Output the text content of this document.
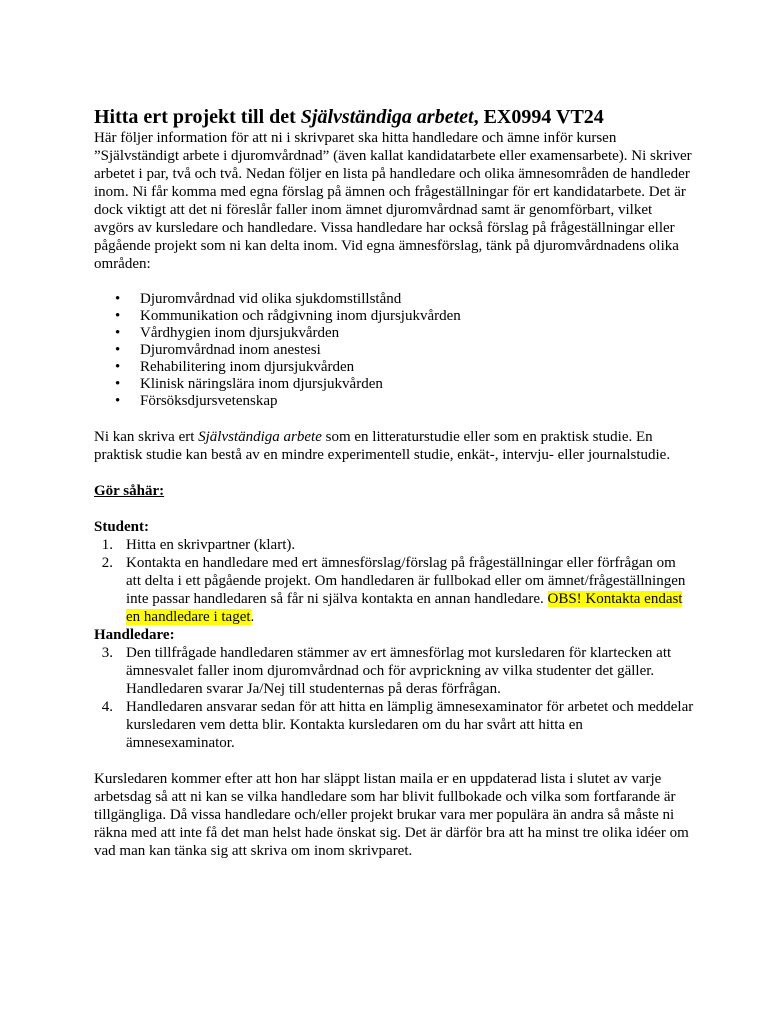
Hitta ert projekt till det Självständiga arbetet, EX0994 VT24

Här följer information för att ni i skrivparet ska hitta handledare och ämne inför kursen ”Självständigt arbete i djuromvårdnad” (även kallat kandidatarbete eller examensarbete). Ni skriver arbetet i par, två och två. Nedan följer en lista på handledare och olika ämnesområden de handleder inom. Ni får komma med egna förslag på ämnen och frågeställningar för ert kandidatarbete. Det är dock viktigt att det ni föreslår faller inom ämnet djuromvårdnad samt är genomförbart, vilket avgörs av kursledare och handledare. Vissa handledare har också förslag på frågeställningar eller pågående projekt som ni kan delta inom. Vid egna ämnesförslag, tänk på djuromvårdnadens olika områden:

• Djuromvårdnad vid olika sjukdomstillstånd
• Kommunikation och rådgivning inom djursjukvården
• Vårdhygien inom djursjukvården
• Djuromvårdnad inom anestesi
• Rehabilitering inom djursjukvården
• Klinisk näringslära inom djursjukvården
• Försöksdjursvetenskap

Ni kan skriva ert Självständiga arbete som en litteraturstudie eller som en praktisk studie. En praktisk studie kan bestå av en mindre experimentell studie, enkät-, intervju- eller journalstudie.

Gör såhär:

Student:

1. Hitta en skrivpartner (klart).
2. Kontakta en handledare med ert ämnesförslag/förslag på frågeställningar eller förfrågan om att delta i ett pågående projekt. Om handledaren är fullbokad eller om ämnet/frågeställningen inte passar handledaren så får ni själva kontakta en annan handledare. OBS! Kontakta endast en handledare i taget.

Handledare:

3. Den tillfrågade handledaren stämmer av ert ämnesförlag mot kursledaren för klartecken att ämnesvalet faller inom djuromvårdnad och för avprickning av vilka studenter det gäller. Handledaren svarar Ja/Nej till studenternas på deras förfrågan.
4. Handledaren ansvarar sedan för att hitta en lämplig ämnesexaminator för arbetet och meddelar kursledaren vem detta blir. Kontakta kursledaren om du har svårt att hitta en ämnesexaminator.

Kursledaren kommer efter att hon har släppt listan maila er en uppdaterad lista i slutet av varje arbetsdag så att ni kan se vilka handledare som har blivit fullbokade och vilka som fortfarande är tillgängliga. Då vissa handledare och/eller projekt brukar vara mer populära än andra så måste ni räkna med att inte få det man helst hade önskat sig. Det är därför bra att ha minst tre olika idéer om vad man kan tänka sig att skriva om inom skrivparet.
